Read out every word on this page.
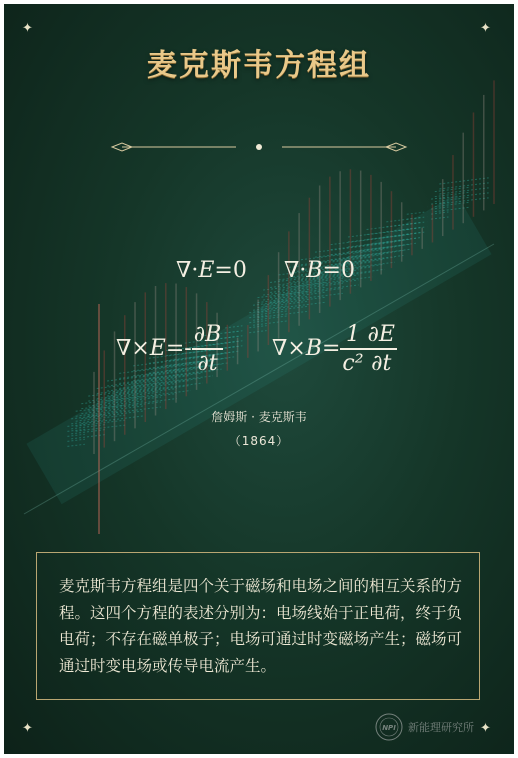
✦	✦
✦	✦
麦克斯韦方程组
∇·E=0 ∇·B=0
$\nabla\times E=- \frac{\partial B}{\partial t} \nabla\times B= \frac{1}{\text{c²}} \frac{\partial E}{\partial t}$
詹姆斯 · 麦克斯韦
（1864）

麦克斯韦方程组是四个关于磁场和电场之间的相互关系的方程。这四个方程的表述分别为：电场线始于正电荷，终于负电荷；不存在磁单极子；电场可通过时变磁场产生；磁场可通过时变电场或传导电流产生。

NPI 新能理研究所
